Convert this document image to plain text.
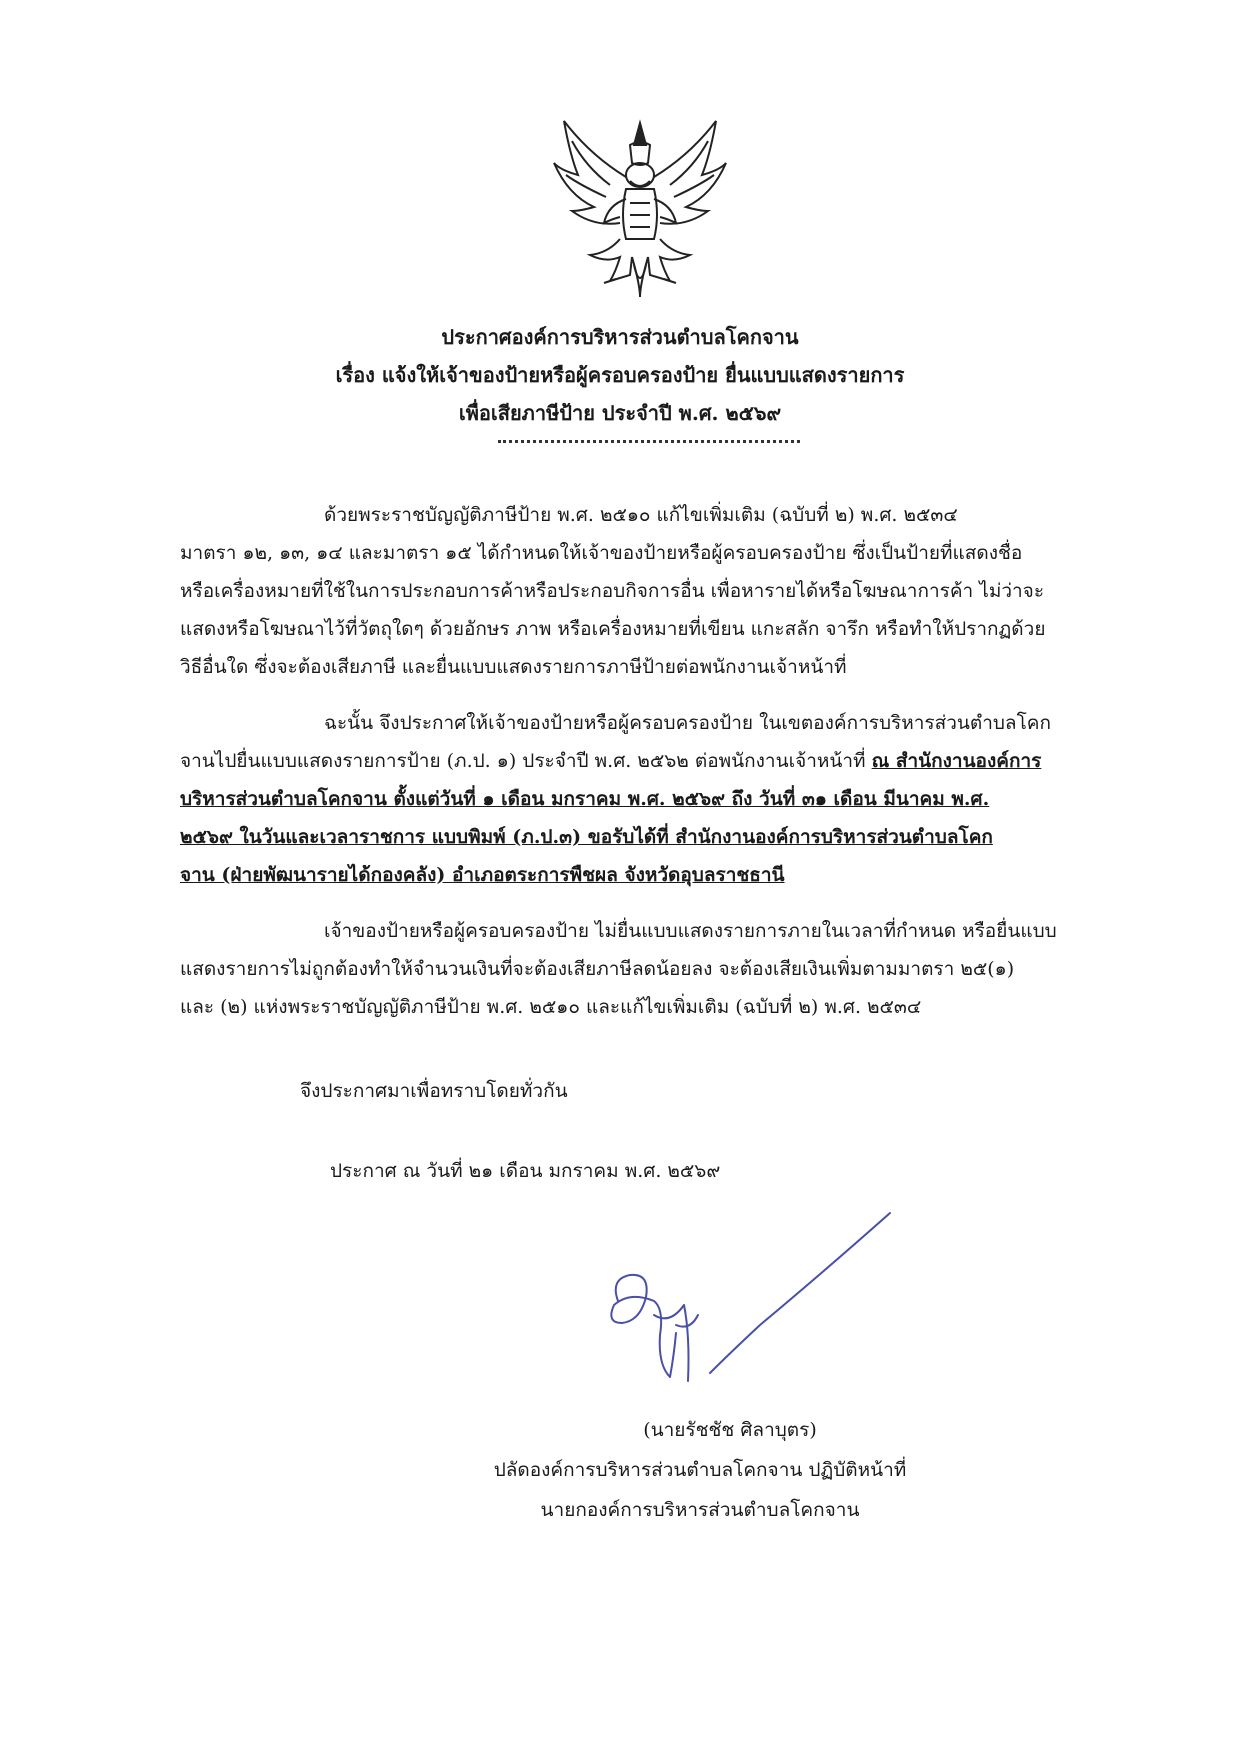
ประกาศองค์การบริหารส่วนตำบลโคกจาน
เรื่อง แจ้งให้เจ้าของป้ายหรือผู้ครอบครองป้าย ยื่นแบบแสดงรายการ
เพื่อเสียภาษีป้าย ประจำปี พ.ศ. ๒๕๖๙
ด้วยพระราชบัญญัติภาษีป้าย พ.ศ. ๒๕๑๐ แก้ไขเพิ่มเติม (ฉบับที่ ๒) พ.ศ. ๒๕๓๔
มาตรา ๑๒, ๑๓, ๑๔ และมาตรา ๑๕ ได้กำหนดให้เจ้าของป้ายหรือผู้ครอบครองป้าย ซึ่งเป็นป้ายที่แสดงชื่อ
หรือเครื่องหมายที่ใช้ในการประกอบการค้าหรือประกอบกิจการอื่น เพื่อหารายได้หรือโฆษณาการค้า ไม่ว่าจะ
แสดงหรือโฆษณาไว้ที่วัตถุใดๆ ด้วยอักษร ภาพ หรือเครื่องหมายที่เขียน แกะสลัก จารึก หรือทำให้ปรากฏด้วย
วิธีอื่นใด ซึ่งจะต้องเสียภาษี และยื่นแบบแสดงรายการภาษีป้ายต่อพนักงานเจ้าหน้าที่
ฉะนั้น จึงประกาศให้เจ้าของป้ายหรือผู้ครอบครองป้าย ในเขตองค์การบริหารส่วนตำบลโคก
จานไปยื่นแบบแสดงรายการป้าย (ภ.ป. ๑) ประจำปี พ.ศ. ๒๕๖๒ ต่อพนักงานเจ้าหน้าที่ ณ สำนักงานองค์การ
บริหารส่วนตำบลโคกจาน ตั้งแต่วันที่ ๑ เดือน มกราคม พ.ศ. ๒๕๖๙ ถึง วันที่ ๓๑ เดือน มีนาคม พ.ศ.
๒๕๖๙ ในวันและเวลาราชการ แบบพิมพ์ (ภ.ป.๓) ขอรับได้ที่ สำนักงานองค์การบริหารส่วนตำบลโคก
จาน (ฝ่ายพัฒนารายได้กองคลัง) อำเภอตระการพืชผล จังหวัดอุบลราชธานี
เจ้าของป้ายหรือผู้ครอบครองป้าย ไม่ยื่นแบบแสดงรายการภายในเวลาที่กำหนด หรือยื่นแบบ
แสดงรายการไม่ถูกต้องทำให้จำนวนเงินที่จะต้องเสียภาษีลดน้อยลง จะต้องเสียเงินเพิ่มตามมาตรา ๒๕(๑)
และ (๒) แห่งพระราชบัญญัติภาษีป้าย พ.ศ. ๒๕๑๐ และแก้ไขเพิ่มเติม (ฉบับที่ ๒) พ.ศ. ๒๕๓๔
จึงประกาศมาเพื่อทราบโดยทั่วกัน
ประกาศ ณ วันที่ ๒๑ เดือน มกราคม พ.ศ. ๒๕๖๙
(นายรัชชัช ศิลาบุตร)
ปลัดองค์การบริหารส่วนตำบลโคกจาน ปฏิบัติหน้าที่
นายกองค์การบริหารส่วนตำบลโคกจาน
